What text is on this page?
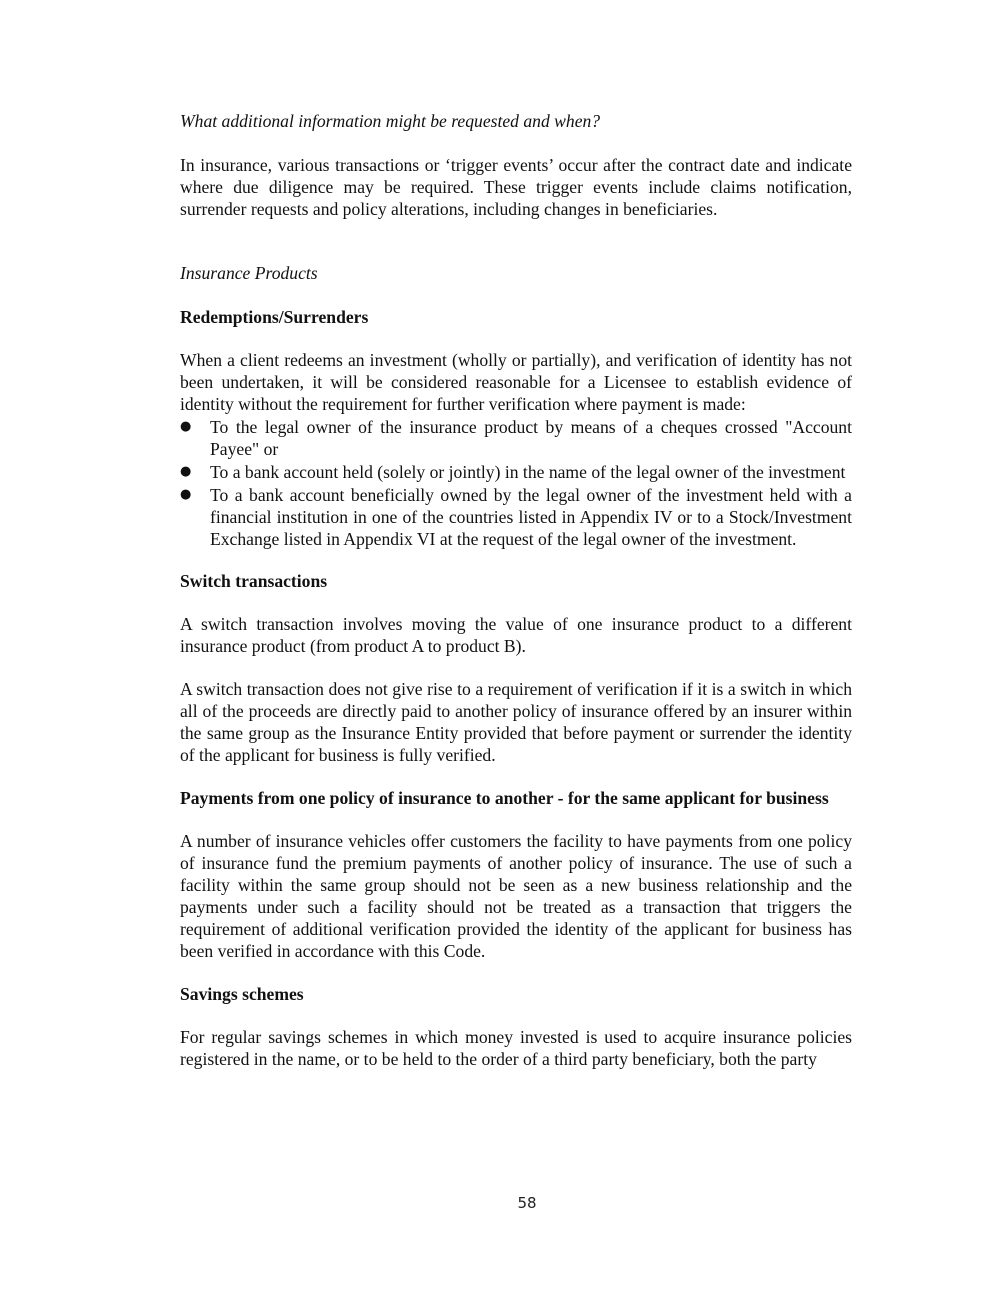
What additional information might be requested and when?

In insurance, various transactions or ‘trigger events’ occur after the contract date and indicate where due diligence may be required. These trigger events include claims notification, surrender requests and policy alterations, including changes in beneficiaries.

Insurance Products

Redemptions/Surrenders

When a client redeems an investment (wholly or partially), and verification of identity has not been undertaken, it will be considered reasonable for a Licensee to establish evidence of identity without the requirement for further verification where payment is made:

●	To the legal owner of the insurance product by means of a cheques crossed "Account Payee" or
●	To a bank account held (solely or jointly) in the name of the legal owner of the investment
●	To a bank account beneficially owned by the legal owner of the investment held with a financial institution in one of the countries listed in Appendix IV or to a Stock/Investment Exchange listed in Appendix VI at the request of the legal owner of the investment.

Switch transactions

A switch transaction involves moving the value of one insurance product to a different insurance product (from product A to product B).

A switch transaction does not give rise to a requirement of verification if it is a switch in which all of the proceeds are directly paid to another policy of insurance offered by an insurer within the same group as the Insurance Entity provided that before payment or surrender the identity of the applicant for business is fully verified.

Payments from one policy of insurance to another - for the same applicant for business

A number of insurance vehicles offer customers the facility to have payments from one policy of insurance fund the premium payments of another policy of insurance. The use of such a facility within the same group should not be seen as a new business relationship and the payments under such a facility should not be treated as a transaction that triggers the requirement of additional verification provided the identity of the applicant for business has been verified in accordance with this Code.

Savings schemes

For regular savings schemes in which money invested is used to acquire insurance policies registered in the name, or to be held to the order of a third party beneficiary, both the party

58
